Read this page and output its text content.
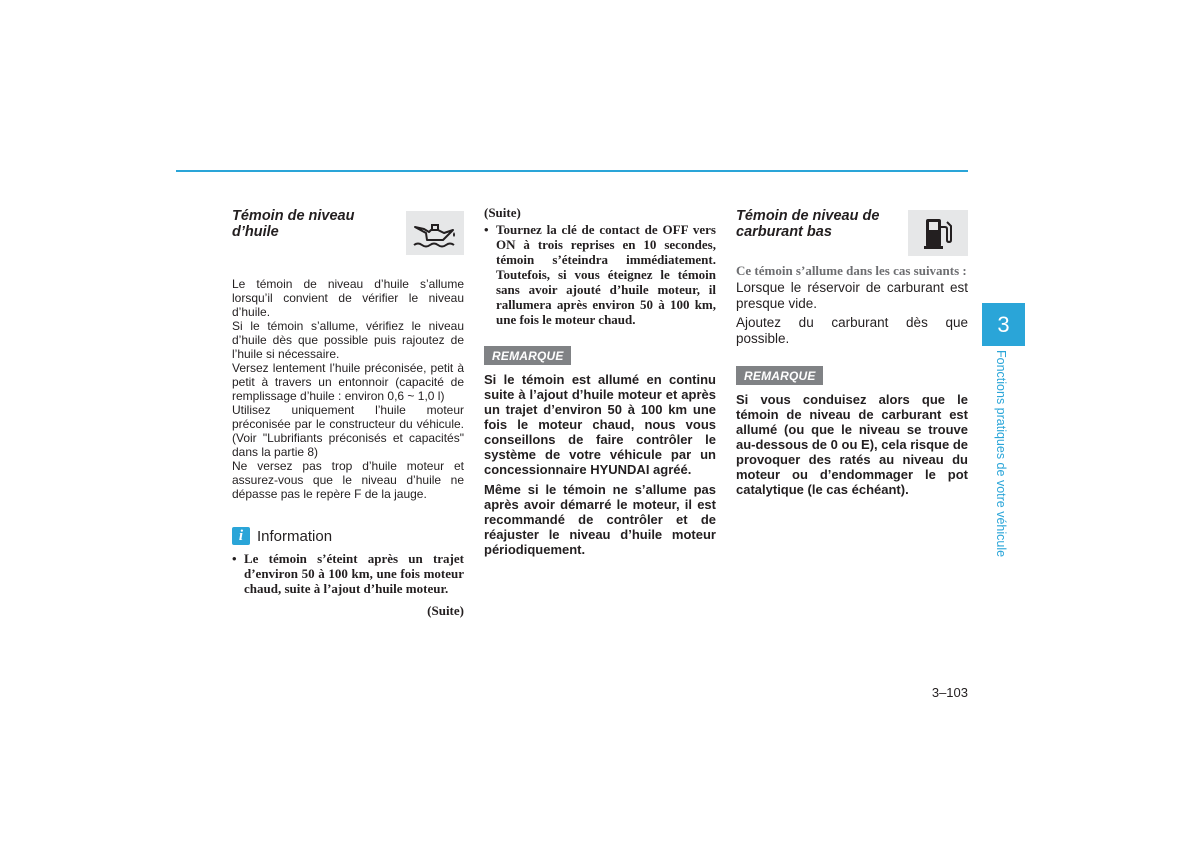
Témoin de niveau d’huile

Le témoin de niveau d’huile s’allume lorsqu’il convient de vérifier le niveau d’huile.

Si le témoin s’allume, vérifiez le niveau d’huile dès que possible puis rajoutez de l’huile si nécessaire.

Versez lentement l’huile préconisée, petit à petit à travers un entonnoir (capacité de remplissage d’huile : environ 0,6 ~ 1,0 l)

Utilisez uniquement l’huile moteur préconisée par le constructeur du véhicule. (Voir "Lubrifiants préconisés et capacités" dans la partie 8)

Ne versez pas trop d’huile moteur et assurez-vous que le niveau d’huile ne dépasse pas le repère F de la jauge.

i Information
• Le témoin s’éteint après un trajet d’environ 50 à 100 km, une fois moteur chaud, suite à l’ajout d’huile moteur.
(Suite)
(Suite)
• Tournez la clé de contact de OFF vers ON à trois reprises en 10 secondes, témoin s’éteindra immédiatement. Toutefois, si vous éteignez le témoin sans avoir ajouté d’huile moteur, il rallumera après environ 50 à 100 km, une fois le moteur chaud.
REMARQUE

Si le témoin est allumé en continu suite à l’ajout d’huile moteur et après un trajet d’environ 50 à 100 km une fois le moteur chaud, nous vous conseillons de faire contrôler le système de votre véhicule par un concessionnaire HYUNDAI agréé.

Même si le témoin ne s’allume pas après avoir démarré le moteur, il est recommandé de contrôler et de réajuster le niveau d’huile moteur périodiquement.

Témoin de niveau de carburant bas

Ce témoin s’allume dans les cas suivants :

Lorsque le réservoir de carburant est presque vide.

Ajoutez du carburant dès que possible.

REMARQUE

Si vous conduisez alors que le témoin de niveau de carburant est allumé (ou que le niveau se trouve au-dessous de 0 ou E), cela risque de provoquer des ratés au niveau du moteur ou d’endommager le pot catalytique (le cas échéant).

3
Fonctions pratiques de votre véhicule
3–103
